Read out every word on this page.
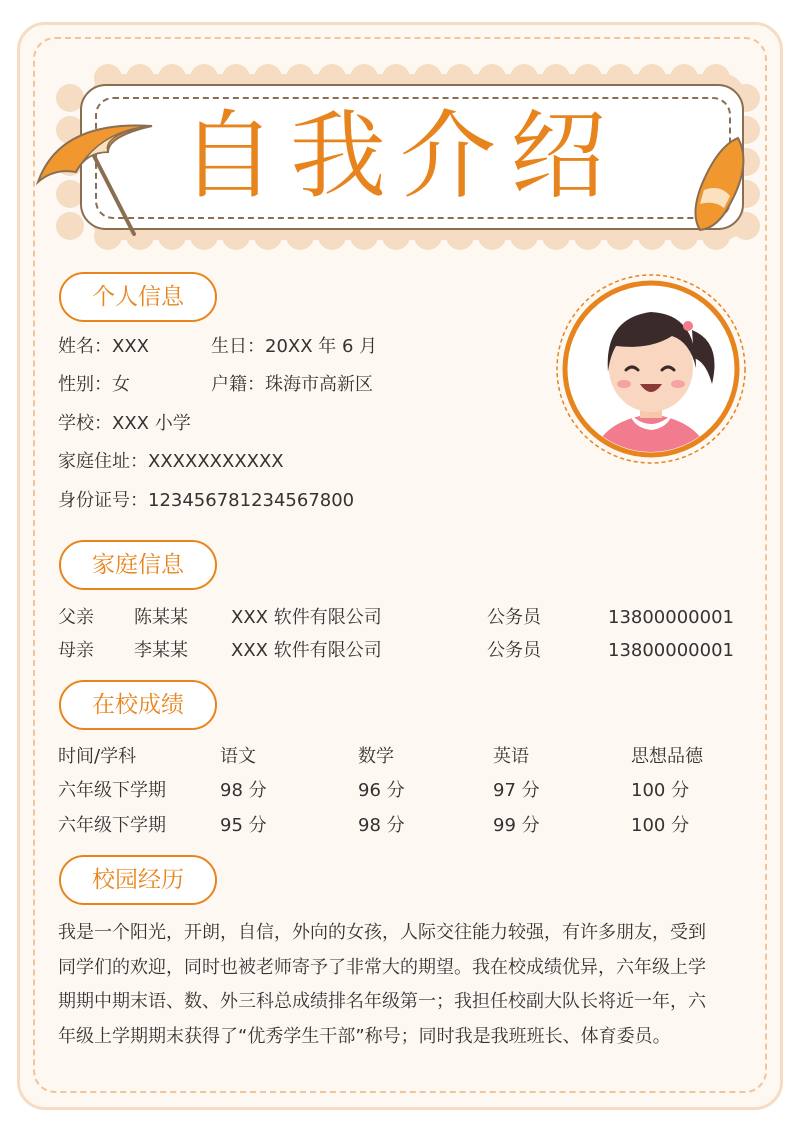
自我介绍
个人信息
姓名：XXX	生日：20XX 年 6 月
性别：女	户籍：珠海市高新区
学校：XXX 小学
家庭住址：XXXXXXXXXXX
身份证号：123456781234567800
家庭信息
父亲 陈某某 XXX 软件有限公司	公务员	13800000001
母亲 李某某 XXX 软件有限公司	公务员	13800000001
在校成绩
时间/学科	语文	数学	英语	思想品德
六年级下学期	98 分	96 分	97 分	100 分
六年级下学期	95 分	98 分	99 分	100 分
校园经历
我是一个阳光，开朗，自信，外向的女孩，人际交往能力较强，有许多朋友，受到
同学们的欢迎，同时也被老师寄予了非常大的期望。我在校成绩优异，六年级上学
期期中期末语、数、外三科总成绩排名年级第一；我担任校副大队长将近一年，六
年级上学期期末获得了“优秀学生干部”称号；同时我是我班班长、体育委员。
